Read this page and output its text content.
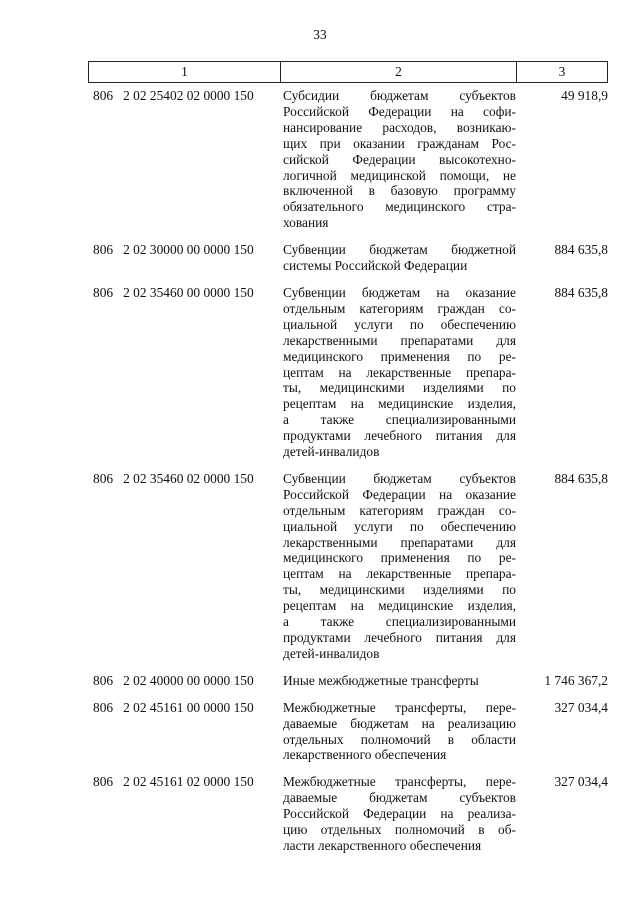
33
1	2	3
806   2 02 25402 02 0000 150 Субсидии бюджетам субъектов
Российской Федерации на софи-
нансирование расходов, возникаю-
щих при оказании гражданам Рос-
сийской Федерации высокотехно-
логичной медицинской помощи, не
включенной в базовую программу
обязательного медицинского стра-
хования
49 918,9
806   2 02 30000 00 0000 150 Субвенции бюджетам бюджетной
системы Российской Федерации
884 635,8
806   2 02 35460 00 0000 150 Субвенции бюджетам на оказание
отдельным категориям граждан со-
циальной услуги по обеспечению
лекарственными препаратами для
медицинского применения по ре-
цептам на лекарственные препара-
ты, медицинскими изделиями по
рецептам на медицинские изделия,
а также специализированными
продуктами лечебного питания для
детей-инвалидов
884 635,8
806   2 02 35460 02 0000 150 Субвенции бюджетам субъектов
Российской Федерации на оказание
отдельным категориям граждан со-
циальной услуги по обеспечению
лекарственными препаратами для
медицинского применения по ре-
цептам на лекарственные препара-
ты, медицинскими изделиями по
рецептам на медицинские изделия,
а также специализированными
продуктами лечебного питания для
детей-инвалидов
884 635,8
806   2 02 40000 00 0000 150 Иные межбюджетные трансферты	1 746 367,2
806   2 02 45161 00 0000 150 Межбюджетные трансферты, пере-
даваемые бюджетам на реализацию
отдельных полномочий в области
лекарственного обеспечения
327 034,4
806   2 02 45161 02 0000 150 Межбюджетные трансферты, пере-
даваемые бюджетам субъектов
Российской Федерации на реализа-
цию отдельных полномочий в об-
ласти лекарственного обеспечения
327 034,4
